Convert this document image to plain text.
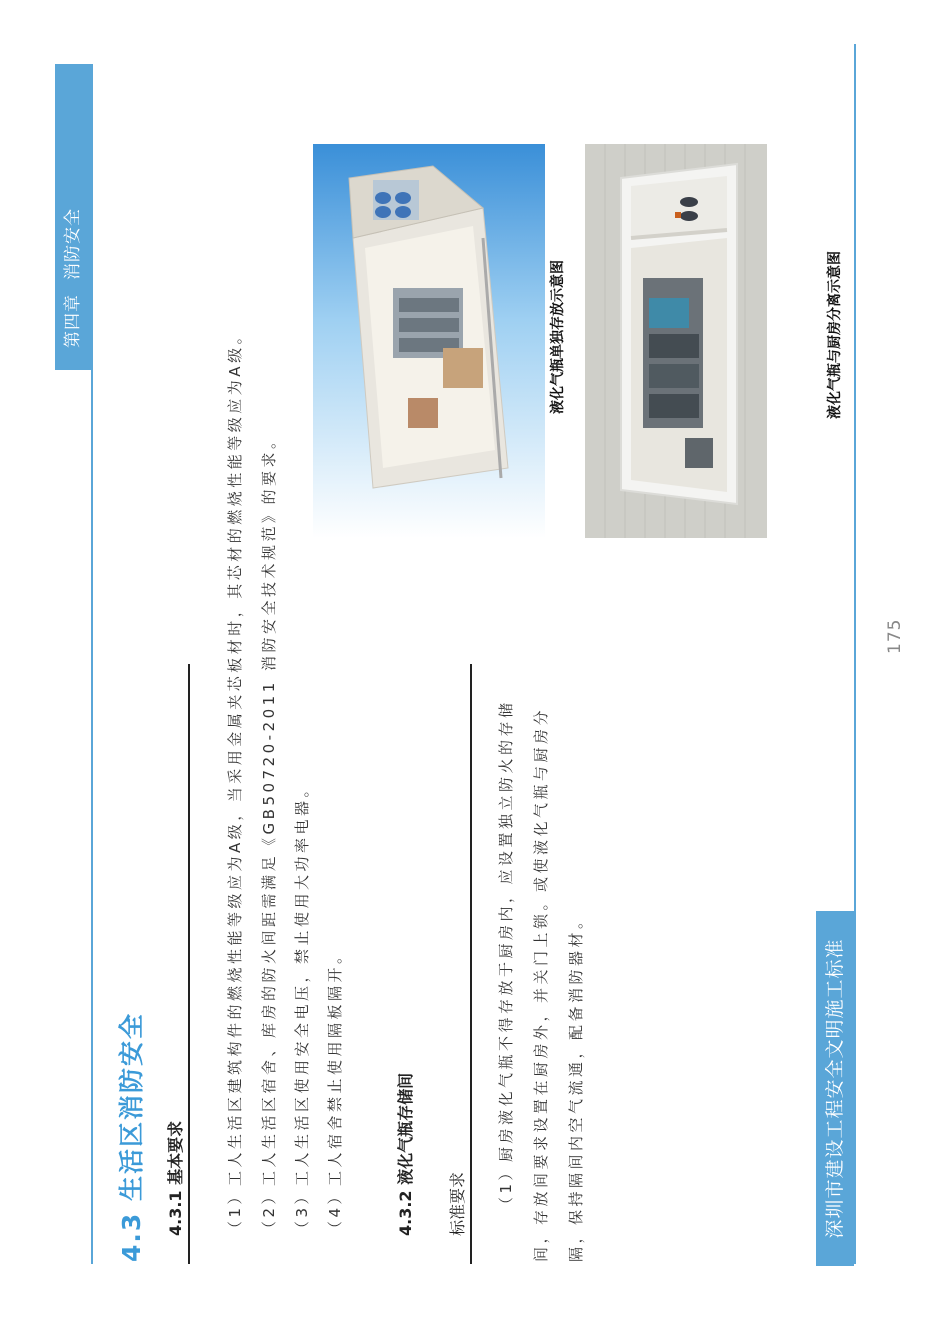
第四章消防安全
深圳市建设工程安全文明施工标准
175
4.3 生活区消防安全 4.3.1 基本要求	（1）工人生活区建筑构件的燃烧性能等级应为A级，当采用金属夹芯板材时，其芯材的燃烧性能等级应为A级。 （2）工人生活区宿舍、库房的防火间距需满足《GB50720-2011 消防安全技术规范》的要求。 （3）工人生活区使用安全电压，禁止使用大功率电器。 （4）工人宿舍禁止使用隔板隔开。	4.3.2 液化气瓶存储间 标准要求 （1）厨房液化气瓶不得存放于厨房内，应设置独立防火的存储 间，存放间要求设置在厨房外，并关门上锁。或使液化气瓶与厨房分 隔，保持隔间内空气流通，配备消防器材。
液化气瓶单独存放示意图	液化气瓶与厨房分离示意图
